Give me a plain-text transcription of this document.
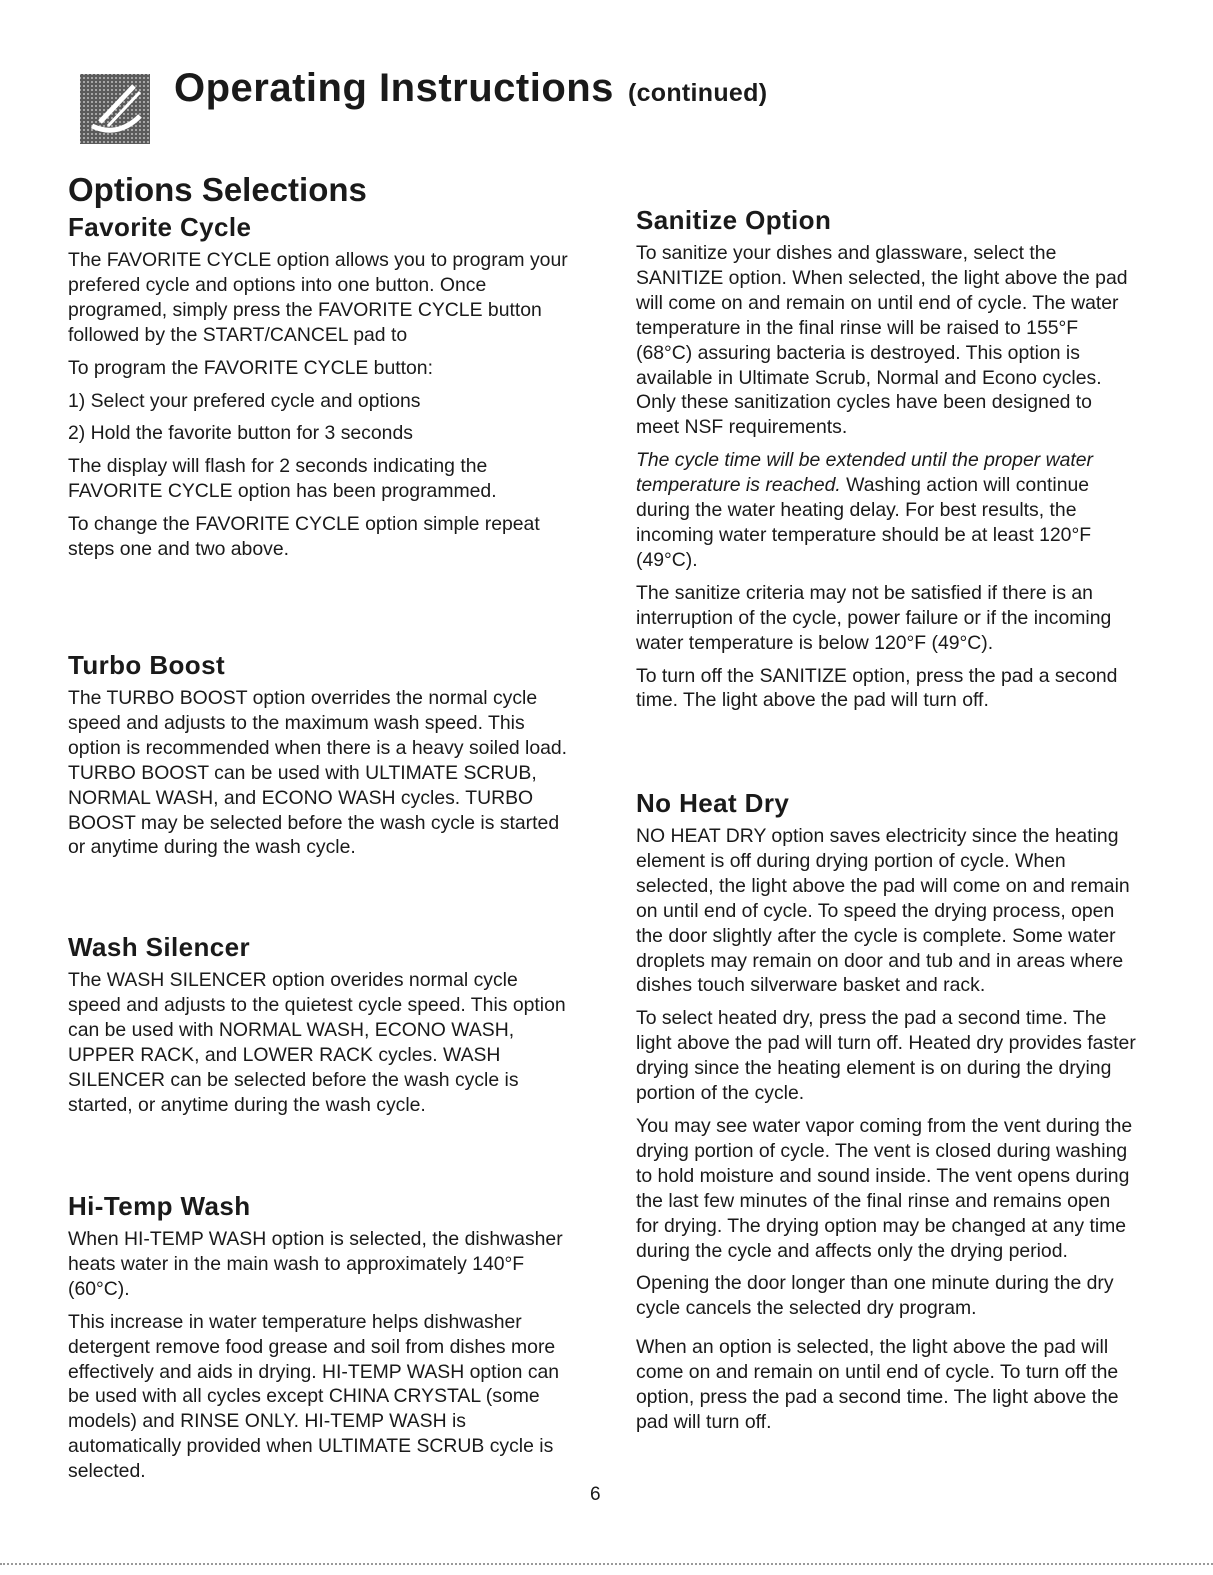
Operating Instructions (continued)
Options Selections
Favorite Cycle

The FAVORITE CYCLE option allows you to program your prefered cycle and options into one button. Once programed, simply press the FAVORITE CYCLE button followed by the START/CANCEL pad to

To program the FAVORITE CYCLE button:

1) Select your prefered cycle and options

2) Hold the favorite button for 3 seconds

The display will flash for 2 seconds indicating the FAVORITE CYCLE option has been programmed.

To change the FAVORITE CYCLE option simple repeat steps one and two above.

Turbo Boost

The TURBO BOOST option overrides the normal cycle speed and adjusts to the maximum wash speed. This option is recommended when there is a heavy soiled load. TURBO BOOST can be used with ULTIMATE SCRUB, NORMAL WASH, and ECONO WASH cycles. TURBO BOOST may be selected before the wash cycle is started or anytime during the wash cycle.

Wash Silencer

The WASH SILENCER option overides normal cycle speed and adjusts to the quietest cycle speed. This option can be used with NORMAL WASH, ECONO WASH, UPPER RACK, and LOWER RACK cycles. WASH SILENCER can be selected before the wash cycle is started, or anytime during the wash cycle.

Hi-Temp Wash

When HI-TEMP WASH option is selected, the dishwasher heats water in the main wash to approximately 140°F (60°C).

This increase in water temperature helps dishwasher detergent remove food grease and soil from dishes more effectively and aids in drying. HI-TEMP WASH option can be used with all cycles except CHINA CRYSTAL (some models) and RINSE ONLY. HI-TEMP WASH is automatically provided when ULTIMATE SCRUB cycle is selected.

Sanitize Option

To sanitize your dishes and glassware, select the SANITIZE option. When selected, the light above the pad will come on and remain on until end of cycle. The water temperature in the final rinse will be raised to 155°F (68°C) assuring bacteria is destroyed. This option is available in Ultimate Scrub, Normal and Econo cycles. Only these sanitization cycles have been designed to meet NSF requirements.

The cycle time will be extended until the proper water temperature is reached. Washing action will continue during the water heating delay. For best results, the incoming water temperature should be at least 120°F (49°C).

The sanitize criteria may not be satisfied if there is an interruption of the cycle, power failure or if the incoming water temperature is below 120°F (49°C).

To turn off the SANITIZE option, press the pad a second time. The light above the pad will turn off.

No Heat Dry

NO HEAT DRY option saves electricity since the heating element is off during drying portion of cycle. When selected, the light above the pad will come on and remain on until end of cycle. To speed the drying process, open the door slightly after the cycle is complete. Some water droplets may remain on door and tub and in areas where dishes touch silverware basket and rack.

To select heated dry, press the pad a second time. The light above the pad will turn off. Heated dry provides faster drying since the heating element is on during the drying portion of the cycle.

You may see water vapor coming from the vent during the drying portion of cycle. The vent is closed during washing to hold moisture and sound inside. The vent opens during the last few minutes of the final rinse and remains open for drying. The drying option may be changed at any time during the cycle and affects only the drying period.

Opening the door longer than one minute during the dry cycle cancels the selected dry program.

When an option is selected, the light above the pad will come on and remain on until end of cycle. To turn off the option, press the pad a second time. The light above the pad will turn off.

6
